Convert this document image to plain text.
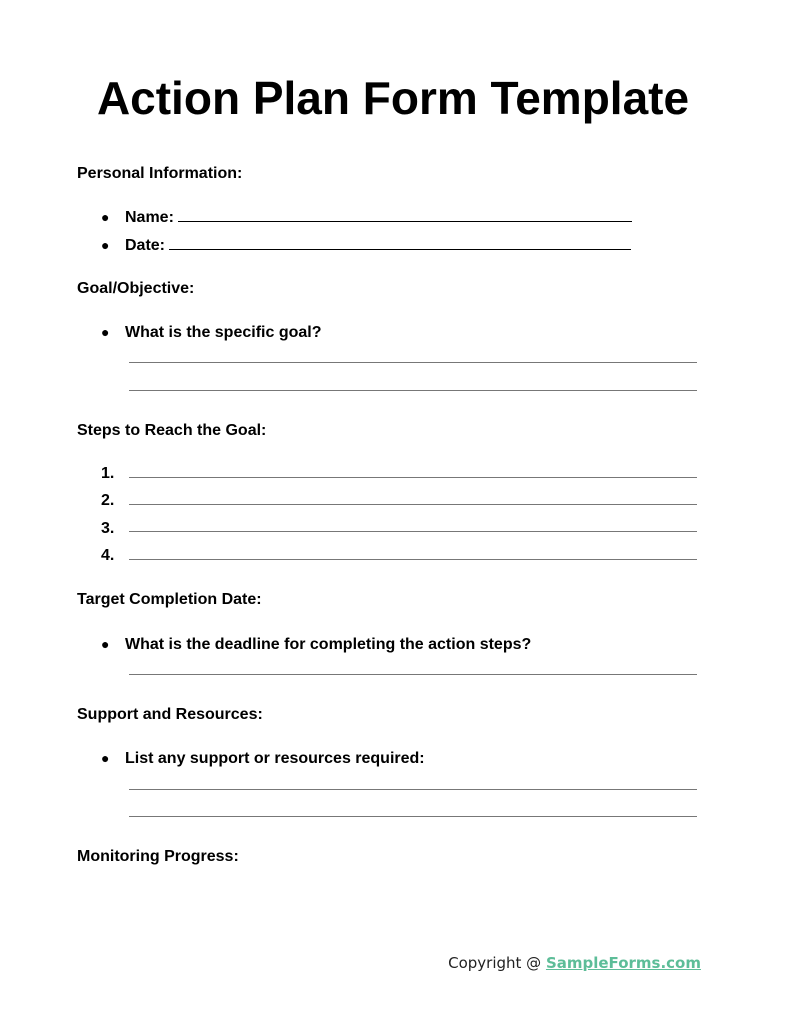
Action Plan Form Template
Personal Information:
● Name:
● Date:
Goal/Objective:
● What is the specific goal?
Steps to Reach the Goal:
1.
2.
3.
4.
Target Completion Date:
● What is the deadline for completing the action steps?
Support and Resources:
● List any support or resources required:
Monitoring Progress:
Copyright @ SampleForms.com
